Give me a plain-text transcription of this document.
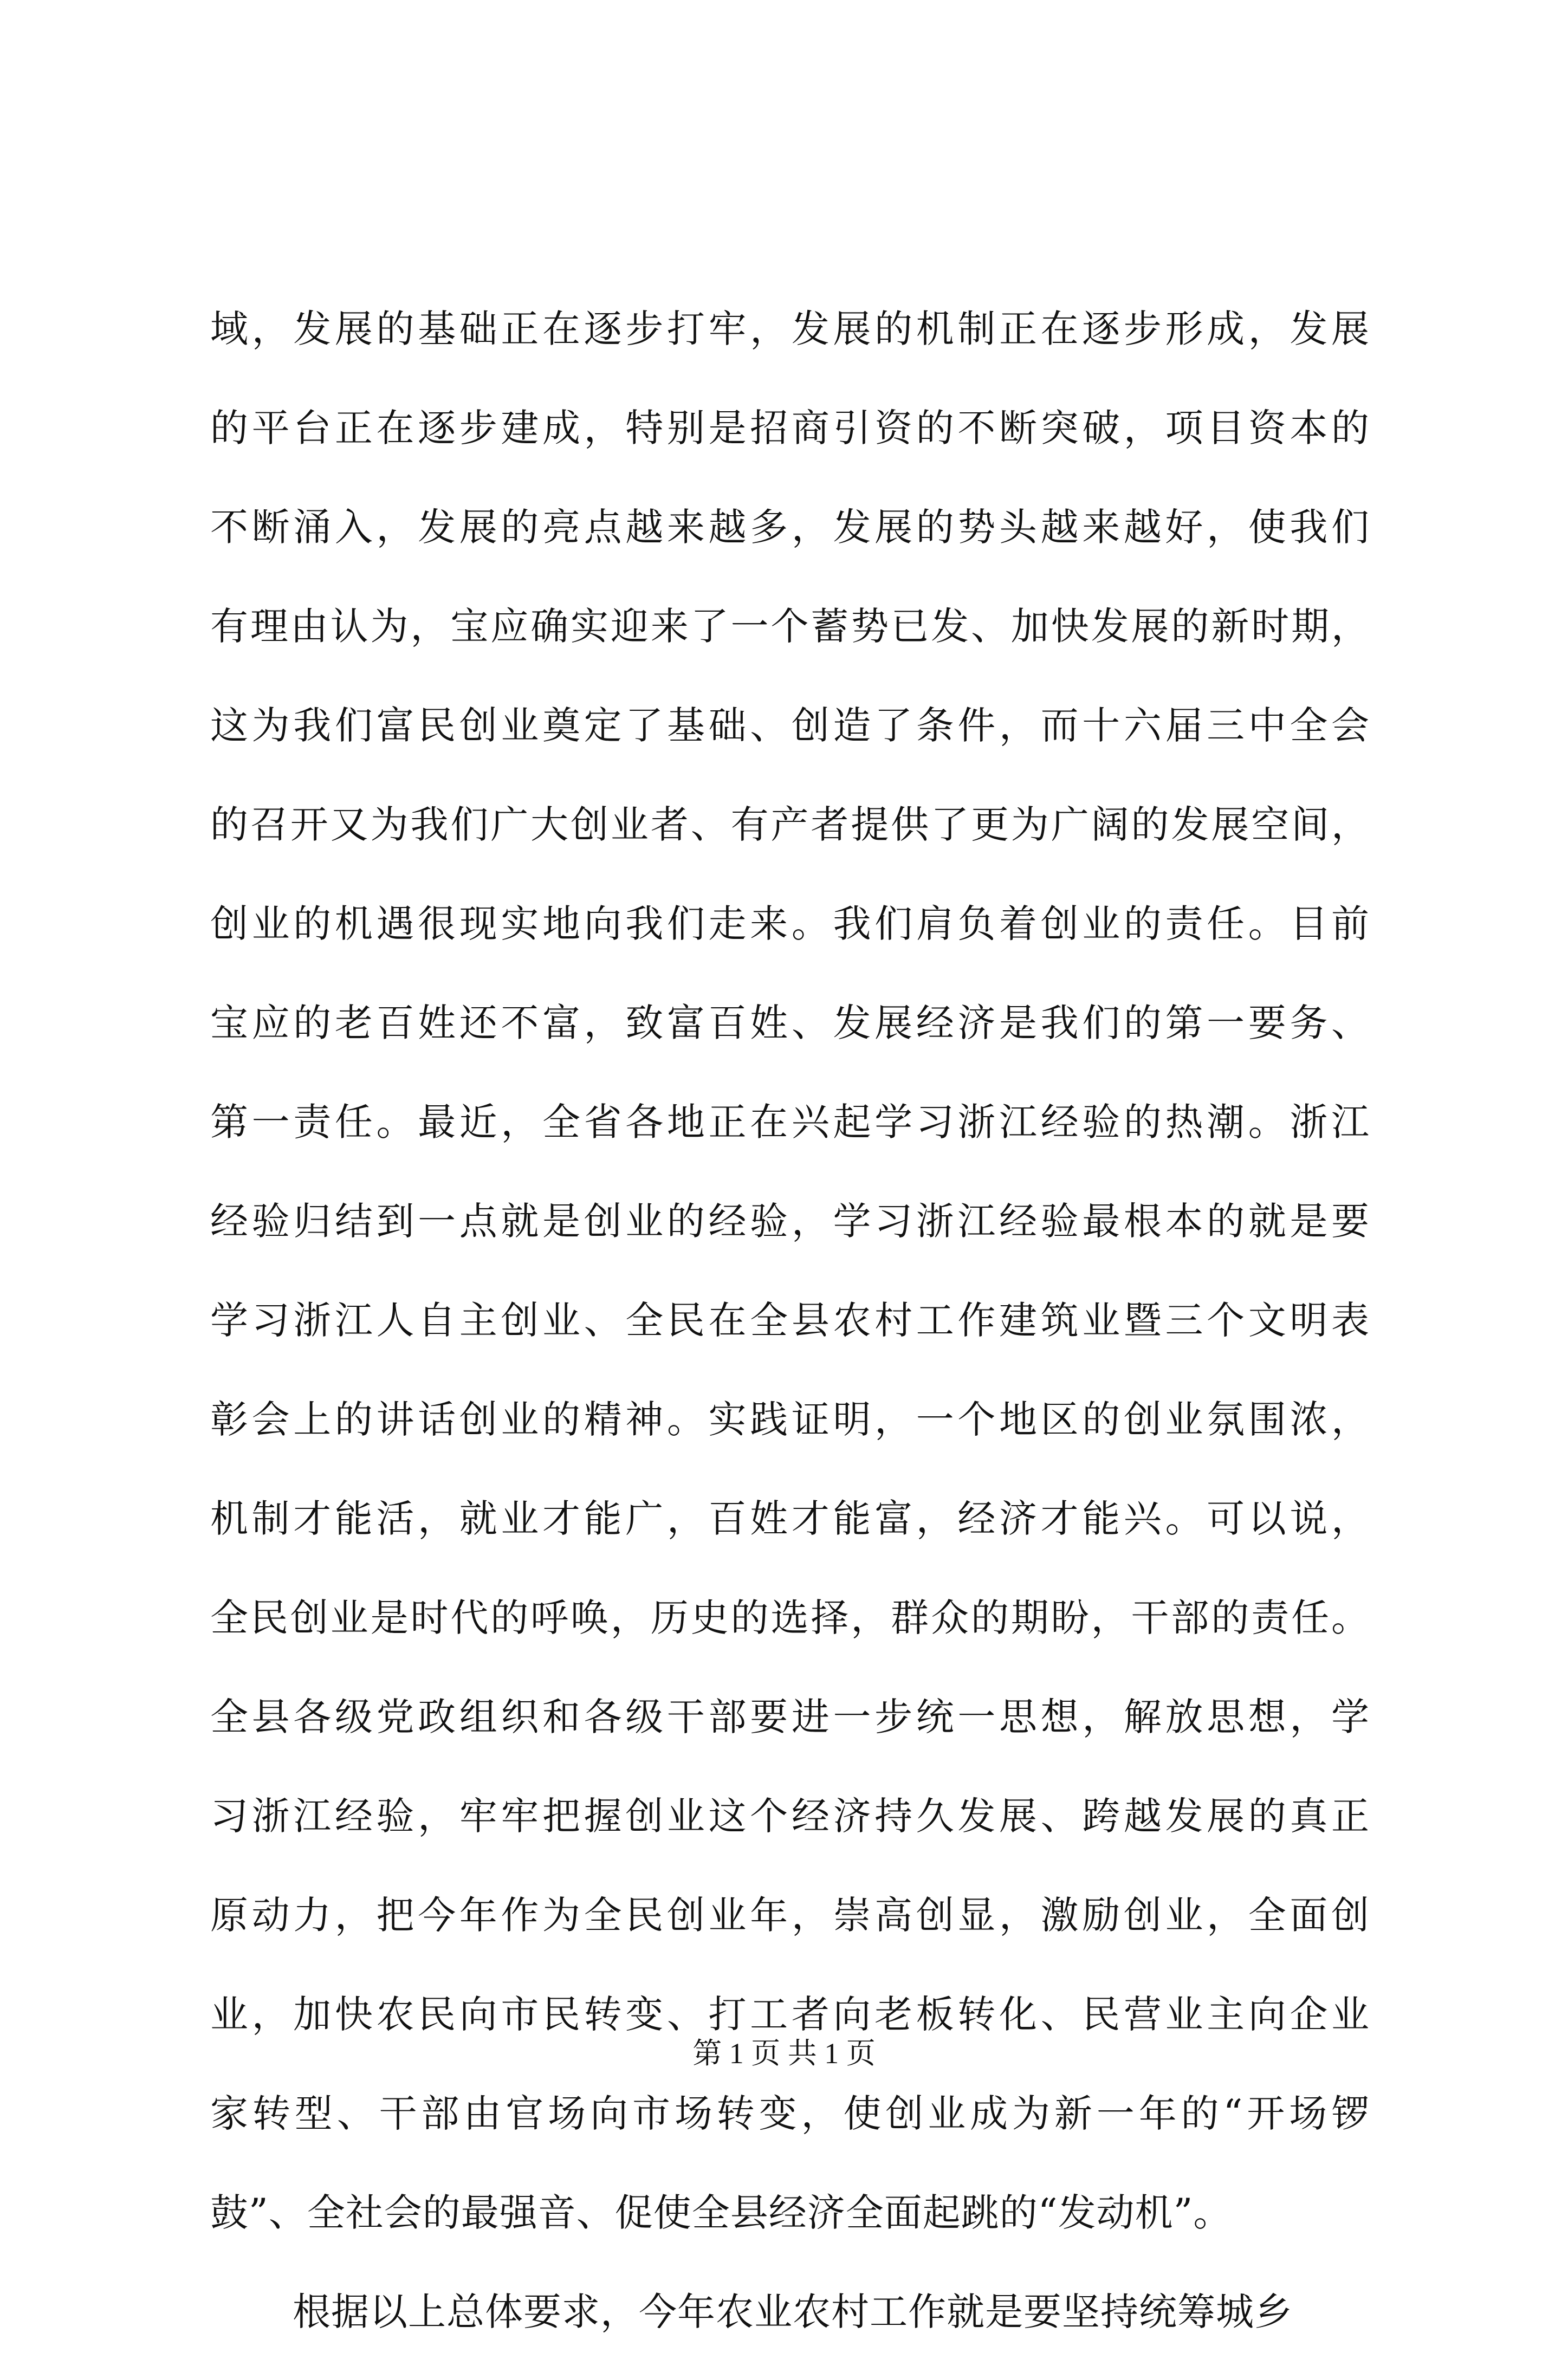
域，发展的基础正在逐步打牢，发展的机制正在逐步形成，发展
的平台正在逐步建成，特别是招商引资的不断突破，项目资本的
不断涌入，发展的亮点越来越多，发展的势头越来越好，使我们
有理由认为，宝应确实迎来了一个蓄势已发、加快发展的新时期，
这为我们富民创业奠定了基础、创造了条件，而十六届三中全会
的召开又为我们广大创业者、有产者提供了更为广阔的发展空间，
创业的机遇很现实地向我们走来。我们肩负着创业的责任。目前
宝应的老百姓还不富，致富百姓、发展经济是我们的第一要务、
第一责任。最近，全省各地正在兴起学习浙江经验的热潮。浙江
经验归结到一点就是创业的经验，学习浙江经验最根本的就是要
学习浙江人自主创业、全民在全县农村工作建筑业暨三个文明表
彰会上的讲话创业的精神。实践证明，一个地区的创业氛围浓，
机制才能活，就业才能广，百姓才能富，经济才能兴。可以说，
全民创业是时代的呼唤，历史的选择，群众的期盼，干部的责任。
全县各级党政组织和各级干部要进一步统一思想，解放思想，学
习浙江经验，牢牢把握创业这个经济持久发展、跨越发展的真正
原动力，把今年作为全民创业年，崇高创显，激励创业，全面创
业，加快农民向市民转变、打工者向老板转化、民营业主向企业
家转型、干部由官场向市场转变，使创业成为新一年的“开场锣
鼓”、全社会的最强音、促使全县经济全面起跳的“发动机”。
根据以上总体要求，今年农业农村工作就是要坚持统筹城乡
第 1 页 共 1 页
